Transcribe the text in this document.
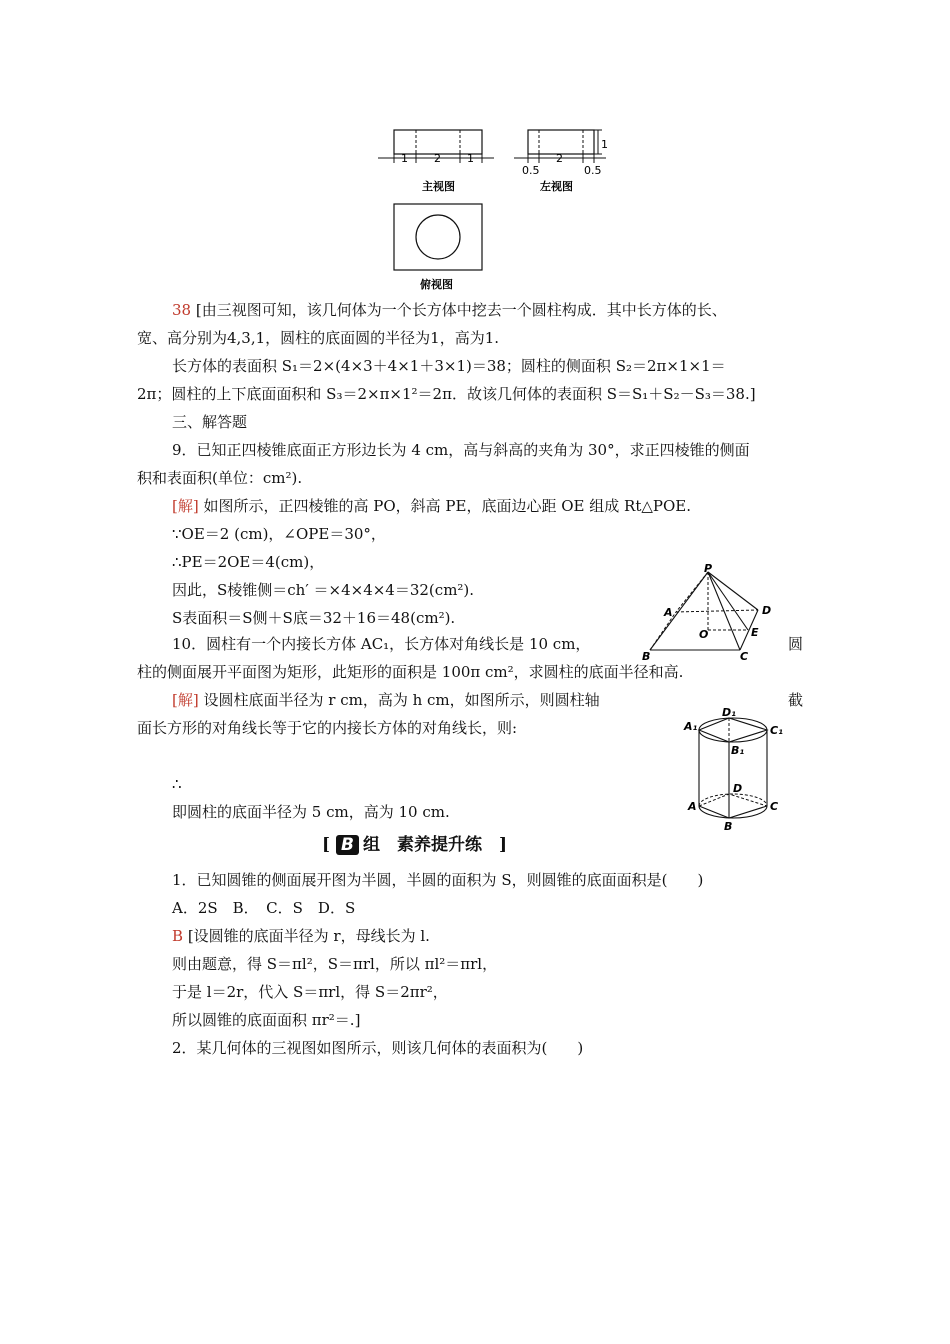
1 2 1
主视图
1
0.5
2
0.5
左视图
俯视图
38 [由三视图可知，该几何体为一个长方体中挖去一个圆柱构成．其中长方体的长、
宽、高分别为4,3,1，圆柱的底面圆的半径为1，高为1.
长方体的表面积 S₁＝2×(4×3＋4×1＋3×1)＝38；圆柱的侧面积 S₂＝2π×1×1＝
2π；圆柱的上下底面面积和 S₃＝2×π×1²＝2π．故该几何体的表面积 S＝S₁＋S₂－S₃＝38.]
三、解答题
9．已知正四棱锥底面正方形边长为 4 cm，高与斜高的夹角为 30°，求正四棱锥的侧面
积和表面积(单位：cm²).
[解] 如图所示，正四棱锥的高 PO，斜高 PE，底面边心距 OE 组成 Rt△POE.
∵OE＝2 (cm)，∠OPE＝30°，
∴PE＝2OE＝4(cm)，
因此，S棱锥侧＝ch′ ＝×4×4×4＝32(cm²).
S表面积＝S侧＋S底＝32＋16＝48(cm²).
P
A	D
O	E
B	C
10．圆柱有一个内接长方体 AC₁，长方体对角线长是 10 cm，	圆
柱的侧面展开平面图为矩形，此矩形的面积是 100π cm²，求圆柱的底面半径和高.
[解] 设圆柱底面半径为 r cm，高为 h cm，如图所示，则圆柱轴	截
面长方形的对角线长等于它的内接长方体的对角线长，则:
∴
即圆柱的底面半径为 5 cm，高为 10 cm.
D₁
A₁	C₁
B₁
D
A	C
B
[ B 组　素养提升练　 ]
1．已知圆锥的侧面展开图为半圆，半圆的面积为 S，则圆锥的底面面积是(　　)
A．2S　B．　C．S　D．S
B [设圆锥的底面半径为 r，母线长为 l.
则由题意，得 S＝πl²，S＝πrl，所以 πl²＝πrl，
于是 l＝2r，代入 S＝πrl，得 S＝2πr²，
所以圆锥的底面面积 πr²＝.]
2．某几何体的三视图如图所示，则该几何体的表面积为(　　)
